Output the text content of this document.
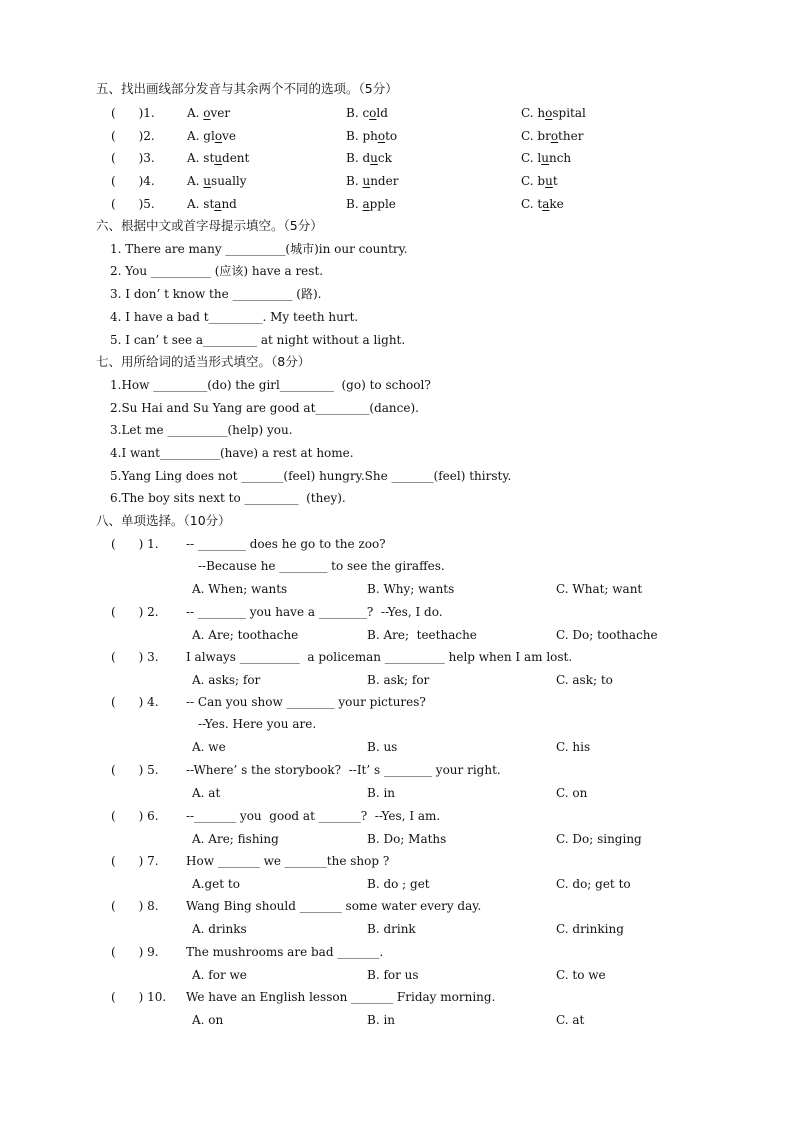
五、找出画线部分发音与其余两个不同的选项。（5分）
(      )1.	A. over	B. cold	C. hospital
(      )2.	A. glove	B. photo	C. brother
(      )3.	A. student	B. duck	C. lunch
(      )4.	A. usually	B. under	C. but
(      )5.	A. stand	B. apple	C. take
六、根据中文或首字母提示填空。（5分）
1. There are many __________(城市)in our country.
2. You __________ (应该) have a rest.
3. I don’ t know the __________ (路).
4. I have a bad t_________. My teeth hurt.
5. I can’ t see a_________ at night without a light.
七、用所给词的适当形式填空。（8分）
1.How _________(do) the girl_________  (go) to school?
2.Su Hai and Su Yang are good at_________(dance).
3.Let me __________(help) you.
4.I want__________(have) a rest at home.
5.Yang Ling does not _______(feel) hungry.She _______(feel) thirsty.
6.The boy sits next to _________  (they).
八、单项选择。（10分）
(      ) 1. -- ________ does he go to the zoo?
--Because he ________ to see the giraffes.
A. When; wants	B. Why; wants	C. What; want
(      ) 2. -- ________ you have a ________?  --Yes, I do.
A. Are; toothache	B. Are;  teethache	C. Do; toothache
(      ) 3. I always __________  a policeman __________ help when I am lost.
A. asks; for	B. ask; for	C. ask; to
(      ) 4. -- Can you show ________ your pictures?
--Yes. Here you are.
A. we	B. us	C. his
(      ) 5. --Where’ s the storybook?  --It’ s ________ your right.
A. at	B. in	C. on
(      ) 6. --_______ you  good at _______?  --Yes, I am.
A. Are; fishing	B. Do; Maths	C. Do; singing
(      ) 7. How _______ we _______the shop ?
A.get to	B. do ; get	C. do; get to
(      ) 8. Wang Bing should _______ some water every day.
A. drinks	B. drink	C. drinking
(      ) 9. The mushrooms are bad _______.
A. for we	B. for us	C. to we
(      ) 10. We have an English lesson _______ Friday morning.
A. on	B. in	C. at
